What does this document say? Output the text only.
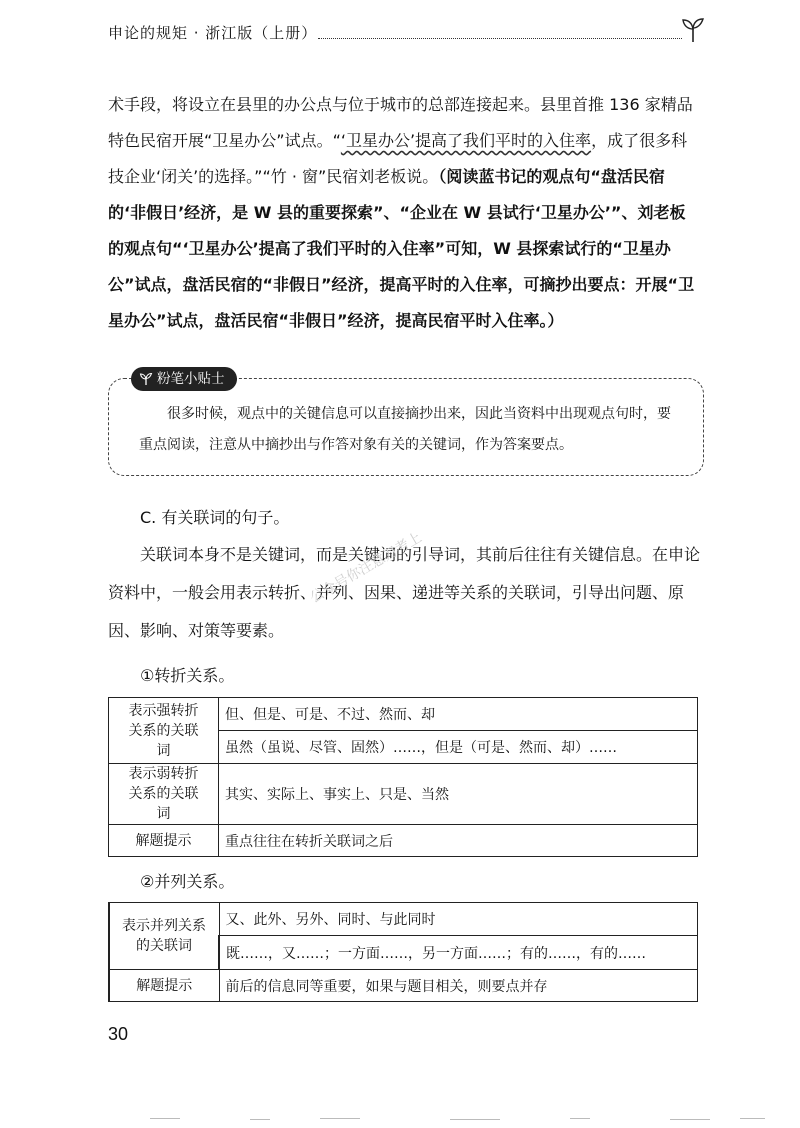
申论的规矩 · 浙江版（上册）

术手段，将设立在县里的办公点与位于城市的总部连接起来。县里首推 136 家精品特色民宿开展“卫星办公”试点。“‘卫星办公’提高了我们平时的入住率，成了很多科技企业‘闭关’的选择。”“竹 · 窗”民宿刘老板说。（阅读蓝书记的观点句“盘活民宿的‘非假日’经济，是 W 县的重要探索”、“企业在 W 县试行‘卫星办公’”、刘老板的观点句“‘卫星办公’提高了我们平时的入住率”可知，W 县探索试行的“卫星办公”试点，盘活民宿的“非假日”经济，提高平时的入住率，可摘抄出要点：开展“卫星办公”试点，盘活民宿“非假日”经济，提高民宿平时入住率。）

粉笔小贴士

很多时候，观点中的关键信息可以直接摘抄出来，因此当资料中出现观点句时，要重点阅读，注意从中摘抄出与作答对象有关的关键词，作为答案要点。

C. 有关联词的句子。

关联词本身不是关键词，而是关键词的引导词，其前后往往有关键信息。在申论资料中，一般会用表示转折、并列、因果、递进等关系的关联词，引导出问题、原因、影响、对策等要素。

①转折关系。

表示强转折关系的关联词	但、但是、可是、不过、然而、却
	虽然（虽说、尽管、固然）……，但是（可是、然而、却）……
表示弱转折关系的关联词	其实、实际上、事实上、只是、当然
解题提示	重点往往在转折关联词之后

②并列关系。

表示并列关系的关联词	又、此外、另外、同时、与此同时
	既……，又……；一方面……，另一方面……；有的……，有的……
解题提示	前后的信息同等重要，如果与题目相关，则要点并存
30
公众号你注意刀考上
